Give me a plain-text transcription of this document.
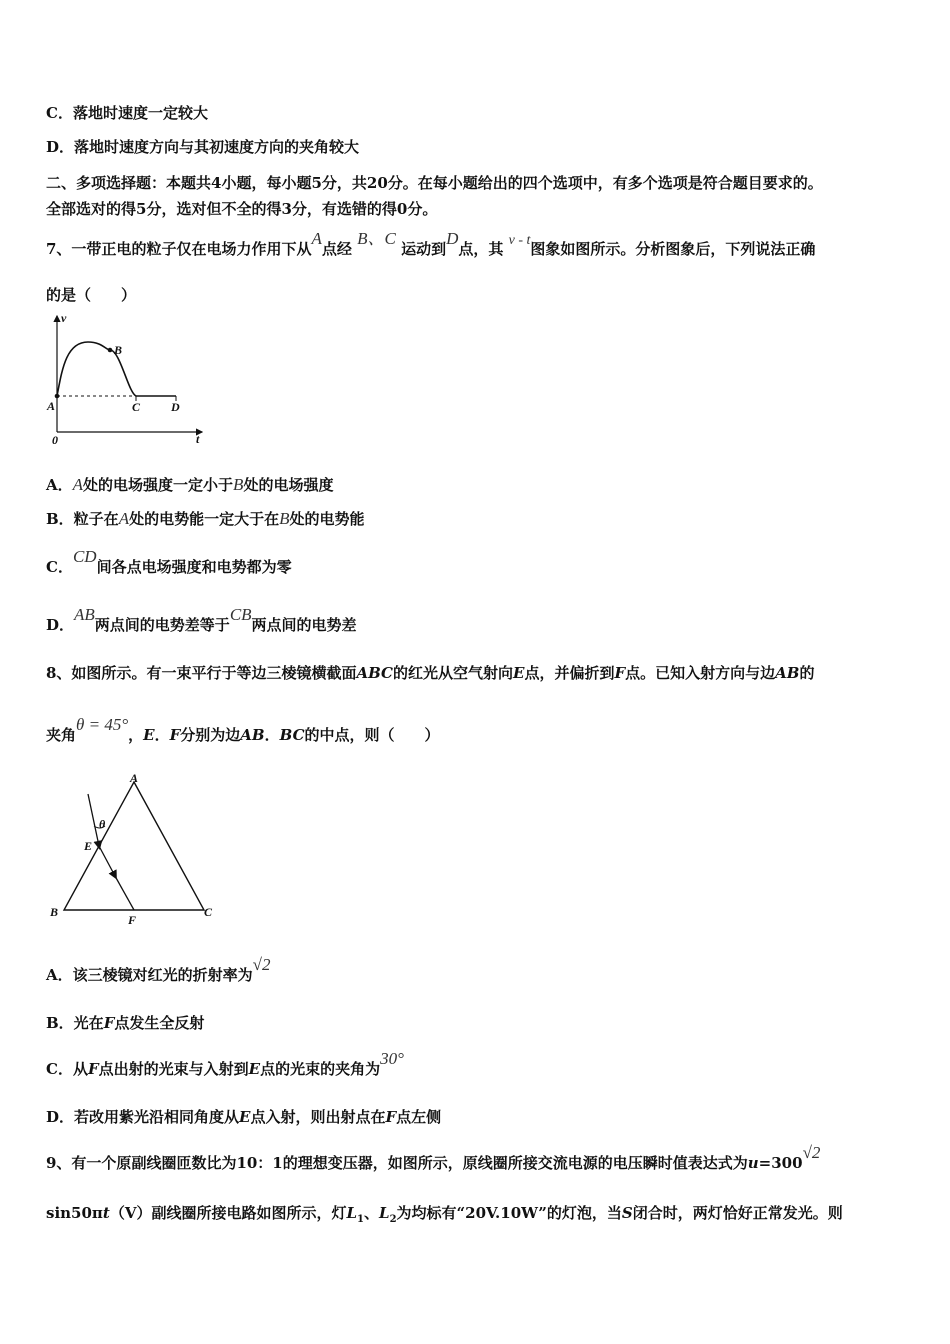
C．落地时速度一定较大
D．落地时速度方向与其初速度方向的夹角较大
二、多项选择题：本题共4小题，每小题5分，共20分。在每小题给出的四个选项中，有多个选项是符合题目要求的。
全部选对的得5分，选对但不全的得3分，有选错的得0分。
7、一带正电的粒子仅在电场力作用下从A点经 B、C 运动到D点，其 v - t图象如图所示。分析图象后，下列说法正确
的是（　　）
v
t
0
A
B
C	D
A．A处的电场强度一定小于B处的电场强度
B．粒子在A处的电势能一定大于在B处的电势能
C．CD间各点电场强度和电势都为零
D．AB两点间的电势差等于CB两点间的电势差
8、如图所示。有一束平行于等边三棱镜横截面ABC的红光从空气射向E点，并偏折到F点。已知入射方向与边AB的
夹角θ = 45°，E．F分别为边AB．BC的中点，则（　　）
A
B	C
E
F
θ
A．该三棱镜对红光的折射率为√2
B．光在F点发生全反射
C．从F点出射的光束与入射到E点的光束的夹角为30°
D．若改用紫光沿相同角度从E点入射，则出射点在F点左侧
9、有一个原副线圈匝数比为10：1的理想变压器，如图所示，原线圈所接交流电源的电压瞬时值表达式为u=300√2
sin50πt（V）副线圈所接电路如图所示，灯$L_1$、$L_2$为均标有“20V.10W”的灯泡，当S闭合时，两灯恰好正常发光。则
